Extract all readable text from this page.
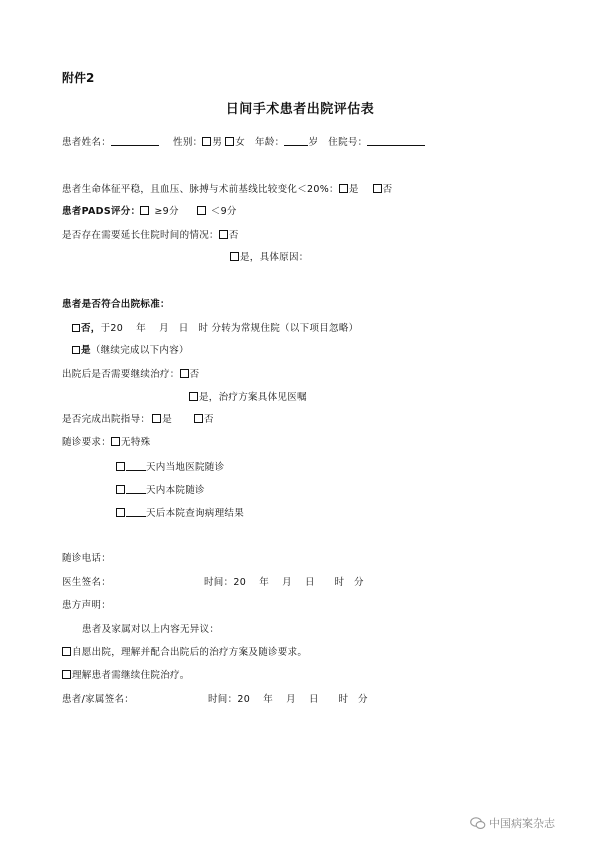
附件2
日间手术患者出院评估表
患者姓名：	性别： 男 女 年龄：	岁 住院号：
患者生命体征平稳，且血压、脉搏与术前基线比较变化＜20%： 是	否
患者PADS评分： ≥9分	＜9分
是否存在需要延长住院时间的情况： 否
是，具体原因：
患者是否符合出院标准：
否，于20　 年　 月　日　时 分转为常规住院（以下项目忽略）
是（继续完成以下内容）
出院后是否需要继续治疗： 否
是，治疗方案具体见医嘱
是否完成出院指导： 是	否
随诊要求： 无特殊
天内当地医院随诊
天内本院随诊
天后本院查询病理结果
随诊电话：
医生签名：	时间：20　 年　 月　 日　　时　分
患方声明：
患者及家属对以上内容无异议：
自愿出院，理解并配合出院后的治疗方案及随诊要求。
理解患者需继续住院治疗。
患者/家属签名：	时间：20　 年　 月　 日　　时　分
中国病案杂志
